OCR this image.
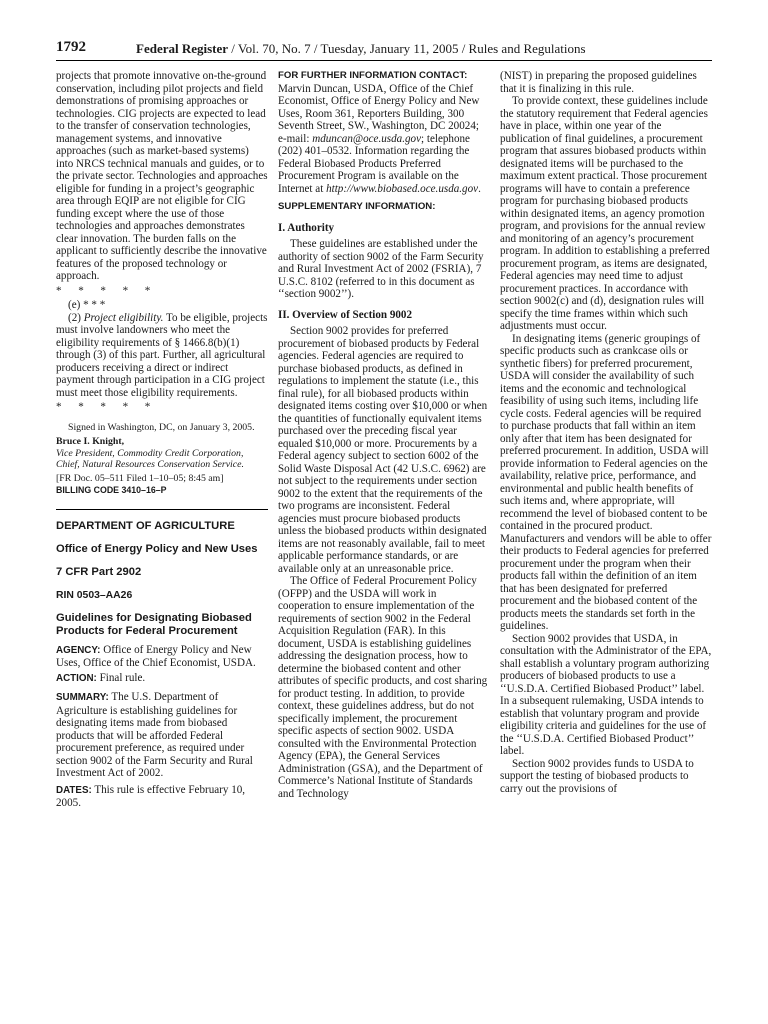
1792	Federal Register / Vol. 70, No. 7 / Tuesday, January 11, 2005 / Rules and Regulations

projects that promote innovative on-the-ground conservation, including pilot projects and field demonstrations of promising approaches or technologies. CIG projects are expected to lead to the transfer of conservation technologies, management systems, and innovative approaches (such as market-based systems) into NRCS technical manuals and guides, or to the private sector. Technologies and approaches eligible for funding in a project’s geographic area through EQIP are not eligible for CIG funding except where the use of those technologies and approaches demonstrates clear innovation. The burden falls on the applicant to sufficiently describe the innovative features of the proposed technology or approach.

*      *      *      *      *

(e) * * *

(2) Project eligibility. To be eligible, projects must involve landowners who meet the eligibility requirements of § 1466.8(b)(1) through (3) of this part. Further, all agricultural producers receiving a direct or indirect payment through participation in a CIG project must meet those eligibility requirements.

*      *      *      *      *

Signed in Washington, DC, on January 3, 2005.

Bruce I. Knight,

Vice President, Commodity Credit Corporation, Chief, Natural Resources Conservation Service.

[FR Doc. 05–511 Filed 1–10–05; 8:45 am]

BILLING CODE 3410–16–P

DEPARTMENT OF AGRICULTURE

Office of Energy Policy and New Uses

7 CFR Part 2902

RIN 0503–AA26

Guidelines for Designating Biobased Products for Federal Procurement

AGENCY: Office of Energy Policy and New Uses, Office of the Chief Economist, USDA.

ACTION: Final rule.

SUMMARY: The U.S. Department of Agriculture is establishing guidelines for designating items made from biobased products that will be afforded Federal procurement preference, as required under section 9002 of the Farm Security and Rural Investment Act of 2002.

DATES: This rule is effective February 10, 2005.

FOR FURTHER INFORMATION CONTACT:

Marvin Duncan, USDA, Office of the Chief Economist, Office of Energy Policy and New Uses, Room 361, Reporters Building, 300 Seventh Street, SW., Washington, DC 20024; e-mail: mduncan@oce.usda.gov; telephone (202) 401–0532. Information regarding the Federal Biobased Products Preferred Procurement Program is available on the Internet at http://www.biobased.oce.usda.gov.

SUPPLEMENTARY INFORMATION:

I. Authority

These guidelines are established under the authority of section 9002 of the Farm Security and Rural Investment Act of 2002 (FSRIA), 7 U.S.C. 8102 (referred to in this document as ‘‘section 9002’’).

II. Overview of Section 9002

Section 9002 provides for preferred procurement of biobased products by Federal agencies. Federal agencies are required to purchase biobased products, as defined in regulations to implement the statute (i.e., this final rule), for all biobased products within designated items costing over $10,000 or when the quantities of functionally equivalent items purchased over the preceding fiscal year equaled $10,000 or more. Procurements by a Federal agency subject to section 6002 of the Solid Waste Disposal Act (42 U.S.C. 6962) are not subject to the requirements under section 9002 to the extent that the requirements of the two programs are inconsistent. Federal agencies must procure biobased products unless the biobased products within designated items are not reasonably available, fail to meet applicable performance standards, or are available only at an unreasonable price.

The Office of Federal Procurement Policy (OFPP) and the USDA will work in cooperation to ensure implementation of the requirements of section 9002 in the Federal Acquisition Regulation (FAR). In this document, USDA is establishing guidelines addressing the designation process, how to determine the biobased content and other attributes of specific products, and cost sharing for product testing. In addition, to provide context, these guidelines address, but do not specifically implement, the procurement specific aspects of section 9002. USDA consulted with the Environmental Protection Agency (EPA), the General Services Administration (GSA), and the Department of Commerce’s National Institute of Standards and Technology

(NIST) in preparing the proposed guidelines that it is finalizing in this rule.

To provide context, these guidelines include the statutory requirement that Federal agencies have in place, within one year of the publication of final guidelines, a procurement program that assures biobased products within designated items will be purchased to the maximum extent practical. Those procurement programs will have to contain a preference program for purchasing biobased products within designated items, an agency promotion program, and provisions for the annual review and monitoring of an agency’s procurement program. In addition to establishing a preferred procurement program, as items are designated, Federal agencies may need time to adjust procurement practices. In accordance with section 9002(c) and (d), designation rules will specify the time frames within which such adjustments must occur.

In designating items (generic groupings of specific products such as crankcase oils or synthetic fibers) for preferred procurement, USDA will consider the availability of such items and the economic and technological feasibility of using such items, including life cycle costs. Federal agencies will be required to purchase products that fall within an item only after that item has been designated for preferred procurement. In addition, USDA will provide information to Federal agencies on the availability, relative price, performance, and environmental and public health benefits of such items and, where appropriate, will recommend the level of biobased content to be contained in the procured product. Manufacturers and vendors will be able to offer their products to Federal agencies for preferred procurement under the program when their products fall within the definition of an item that has been designated for preferred procurement and the biobased content of the products meets the standards set forth in the guidelines.

Section 9002 provides that USDA, in consultation with the Administrator of the EPA, shall establish a voluntary program authorizing producers of biobased products to use a ‘‘U.S.D.A. Certified Biobased Product’’ label. In a subsequent rulemaking, USDA intends to establish that voluntary program and provide eligibility criteria and guidelines for the use of the ‘‘U.S.D.A. Certified Biobased Product’’ label.

Section 9002 provides funds to USDA to support the testing of biobased products to carry out the provisions of
